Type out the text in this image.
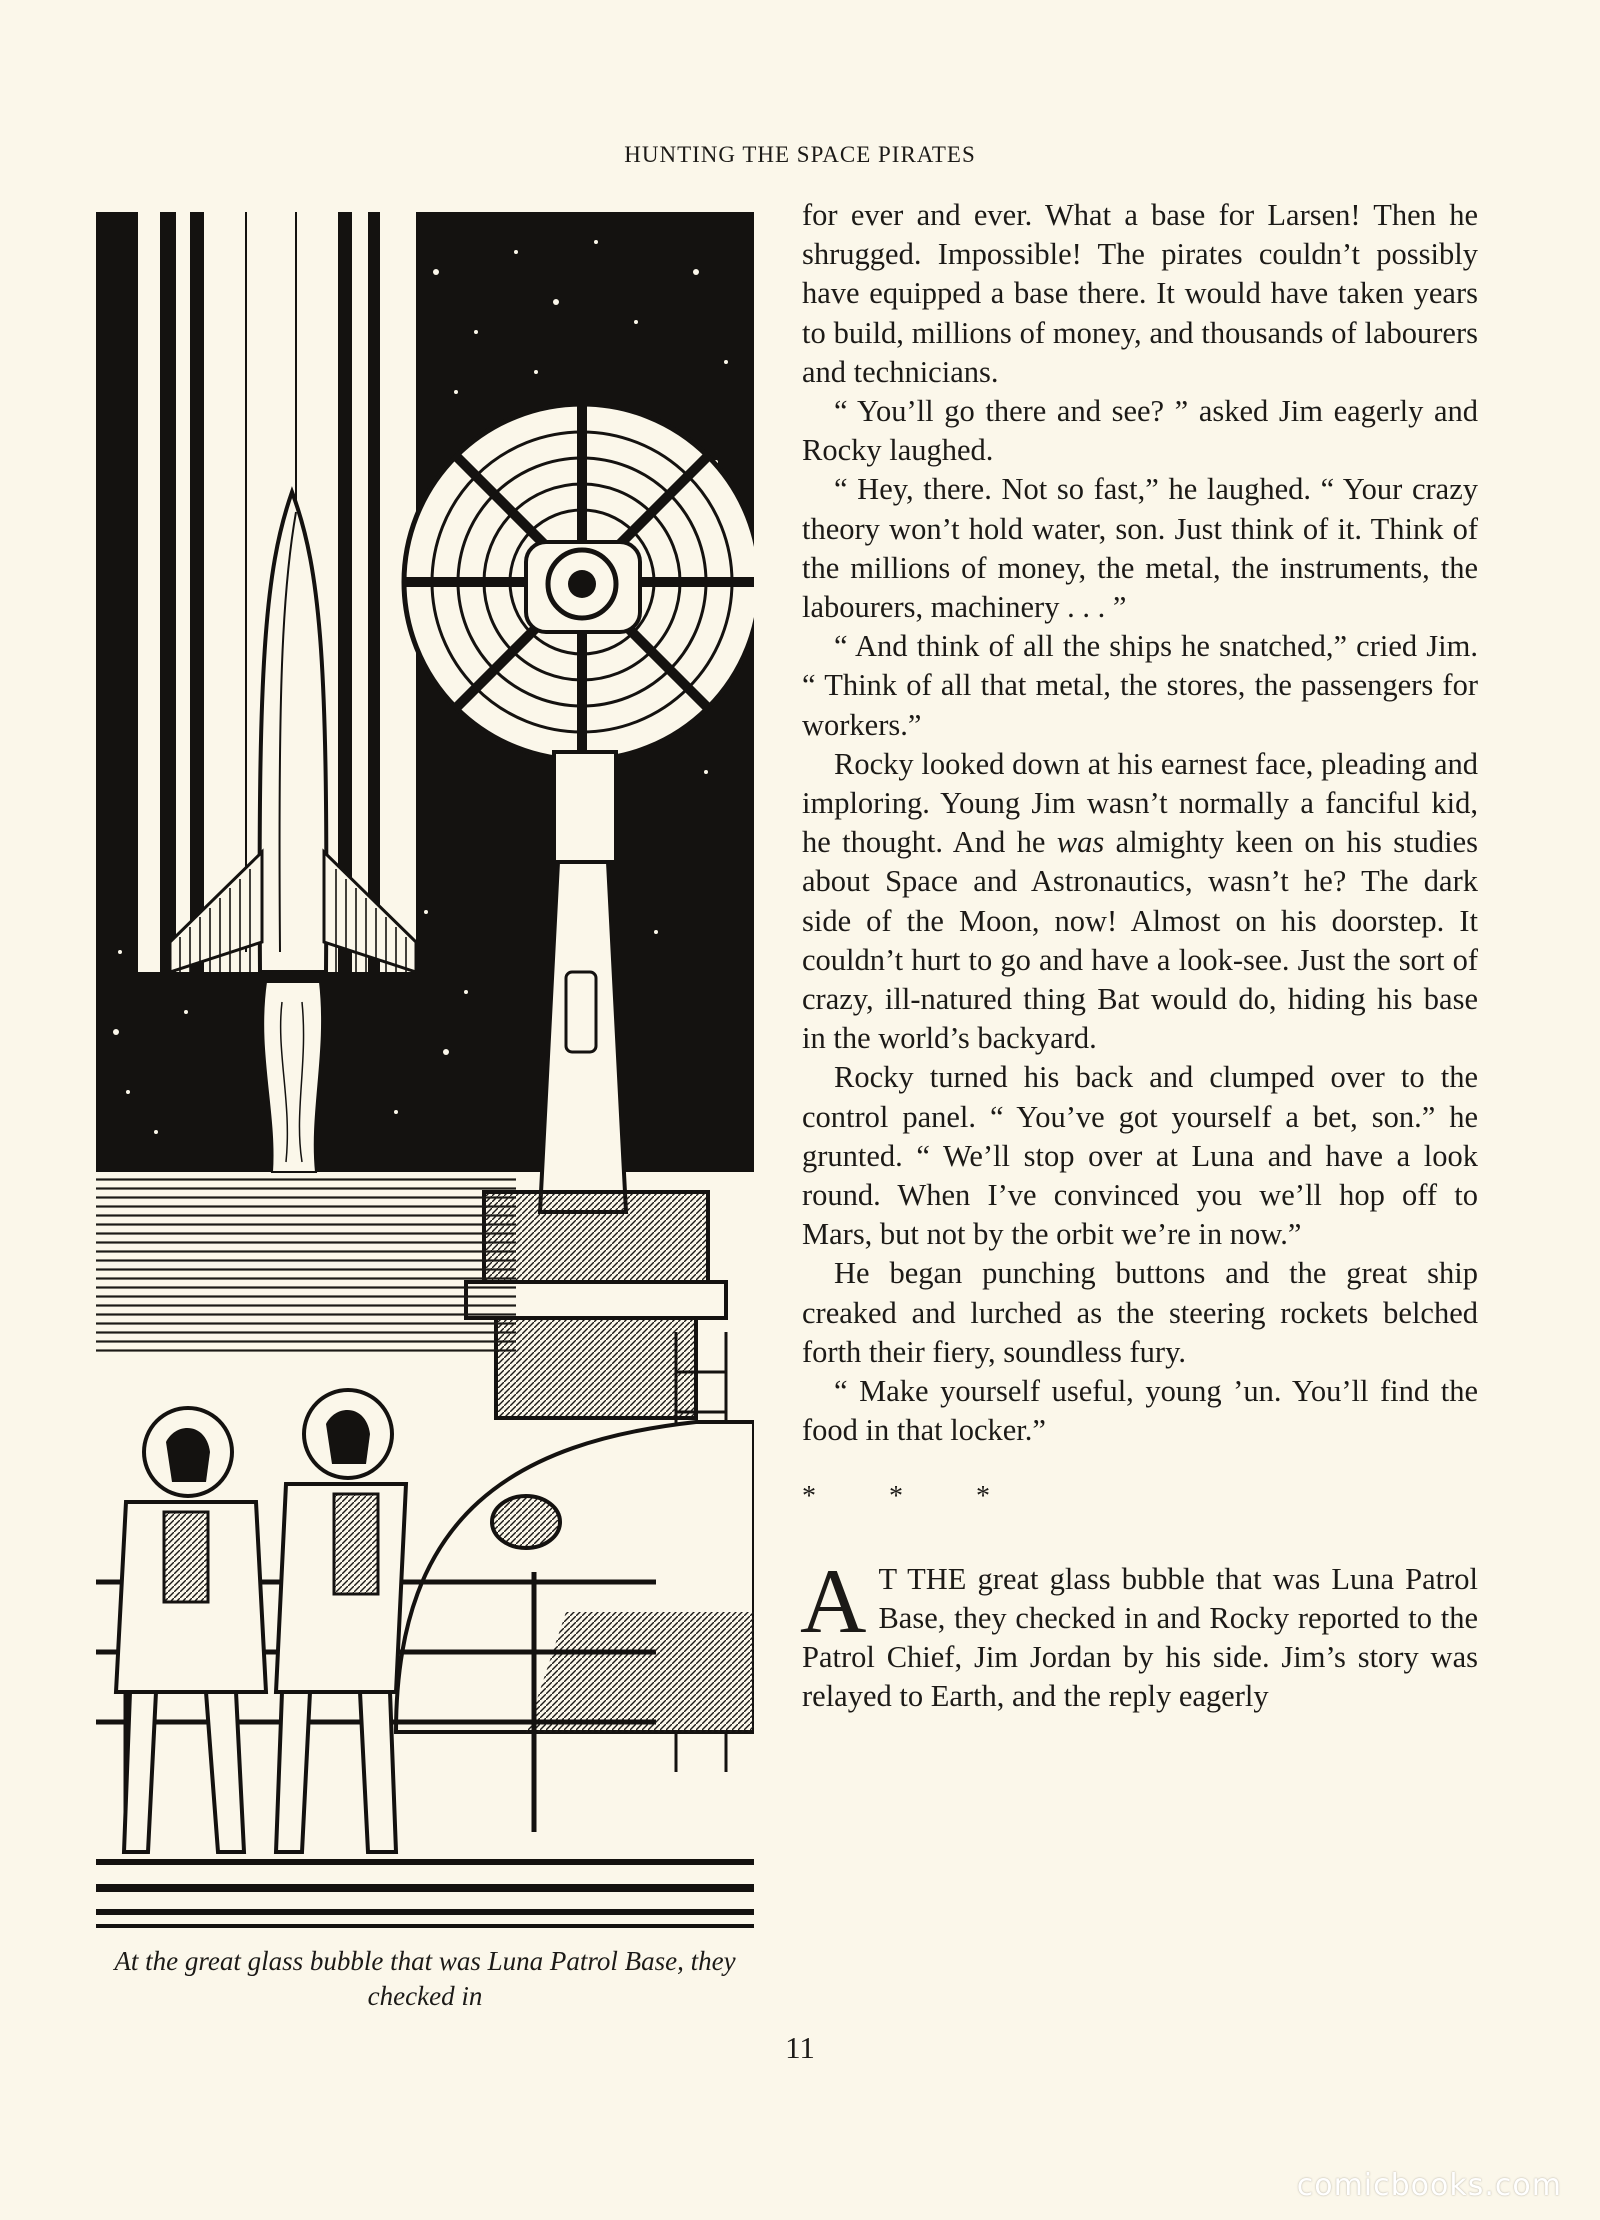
HUNTING THE SPACE PIRATES
At the great glass bubble that was Luna Patrol Base, they checked in

for ever and ever. What a base for Larsen! Then he shrugged. Impossible! The pirates couldn’t possibly have equipped a base there. It would have taken years to build, millions of money, and thousands of labourers and technicians.

“ You’ll go there and see? ” asked Jim eagerly and Rocky laughed.

“ Hey, there. Not so fast,” he laughed. “ Your crazy theory won’t hold water, son. Just think of it. Think of the millions of money, the metal, the instruments, the labourers, machinery . . . ”

“ And think of all the ships he snatched,” cried Jim. “ Think of all that metal, the stores, the passengers for workers.”

Rocky looked down at his earnest face, pleading and imploring. Young Jim wasn’t normally a fanciful kid, he thought. And he was almighty keen on his studies about Space and Astronautics, wasn’t he? The dark side of the Moon, now! Almost on his doorstep. It couldn’t hurt to go and have a look-see. Just the sort of crazy, ill-natured thing Bat would do, hiding his base in the world’s backyard.

Rocky turned his back and clumped over to the control panel. “ You’ve got yourself a bet, son.” he grunted. “ We’ll stop over at Luna and have a look round. When I’ve convinced you we’ll hop off to Mars, but not by the orbit we’re in now.”

He began punching buttons and the great ship creaked and lurched as the steering rockets belched forth their fiery, soundless fury.

“ Make yourself useful, young ’un. You’ll find the food in that locker.”

* * *

A T THE great glass bubble that was Luna Patrol Base, they checked in and Rocky reported to the Patrol Chief, Jim Jordan by his side. Jim’s story was relayed to Earth, and the reply eagerly

11
comicbooks.com
